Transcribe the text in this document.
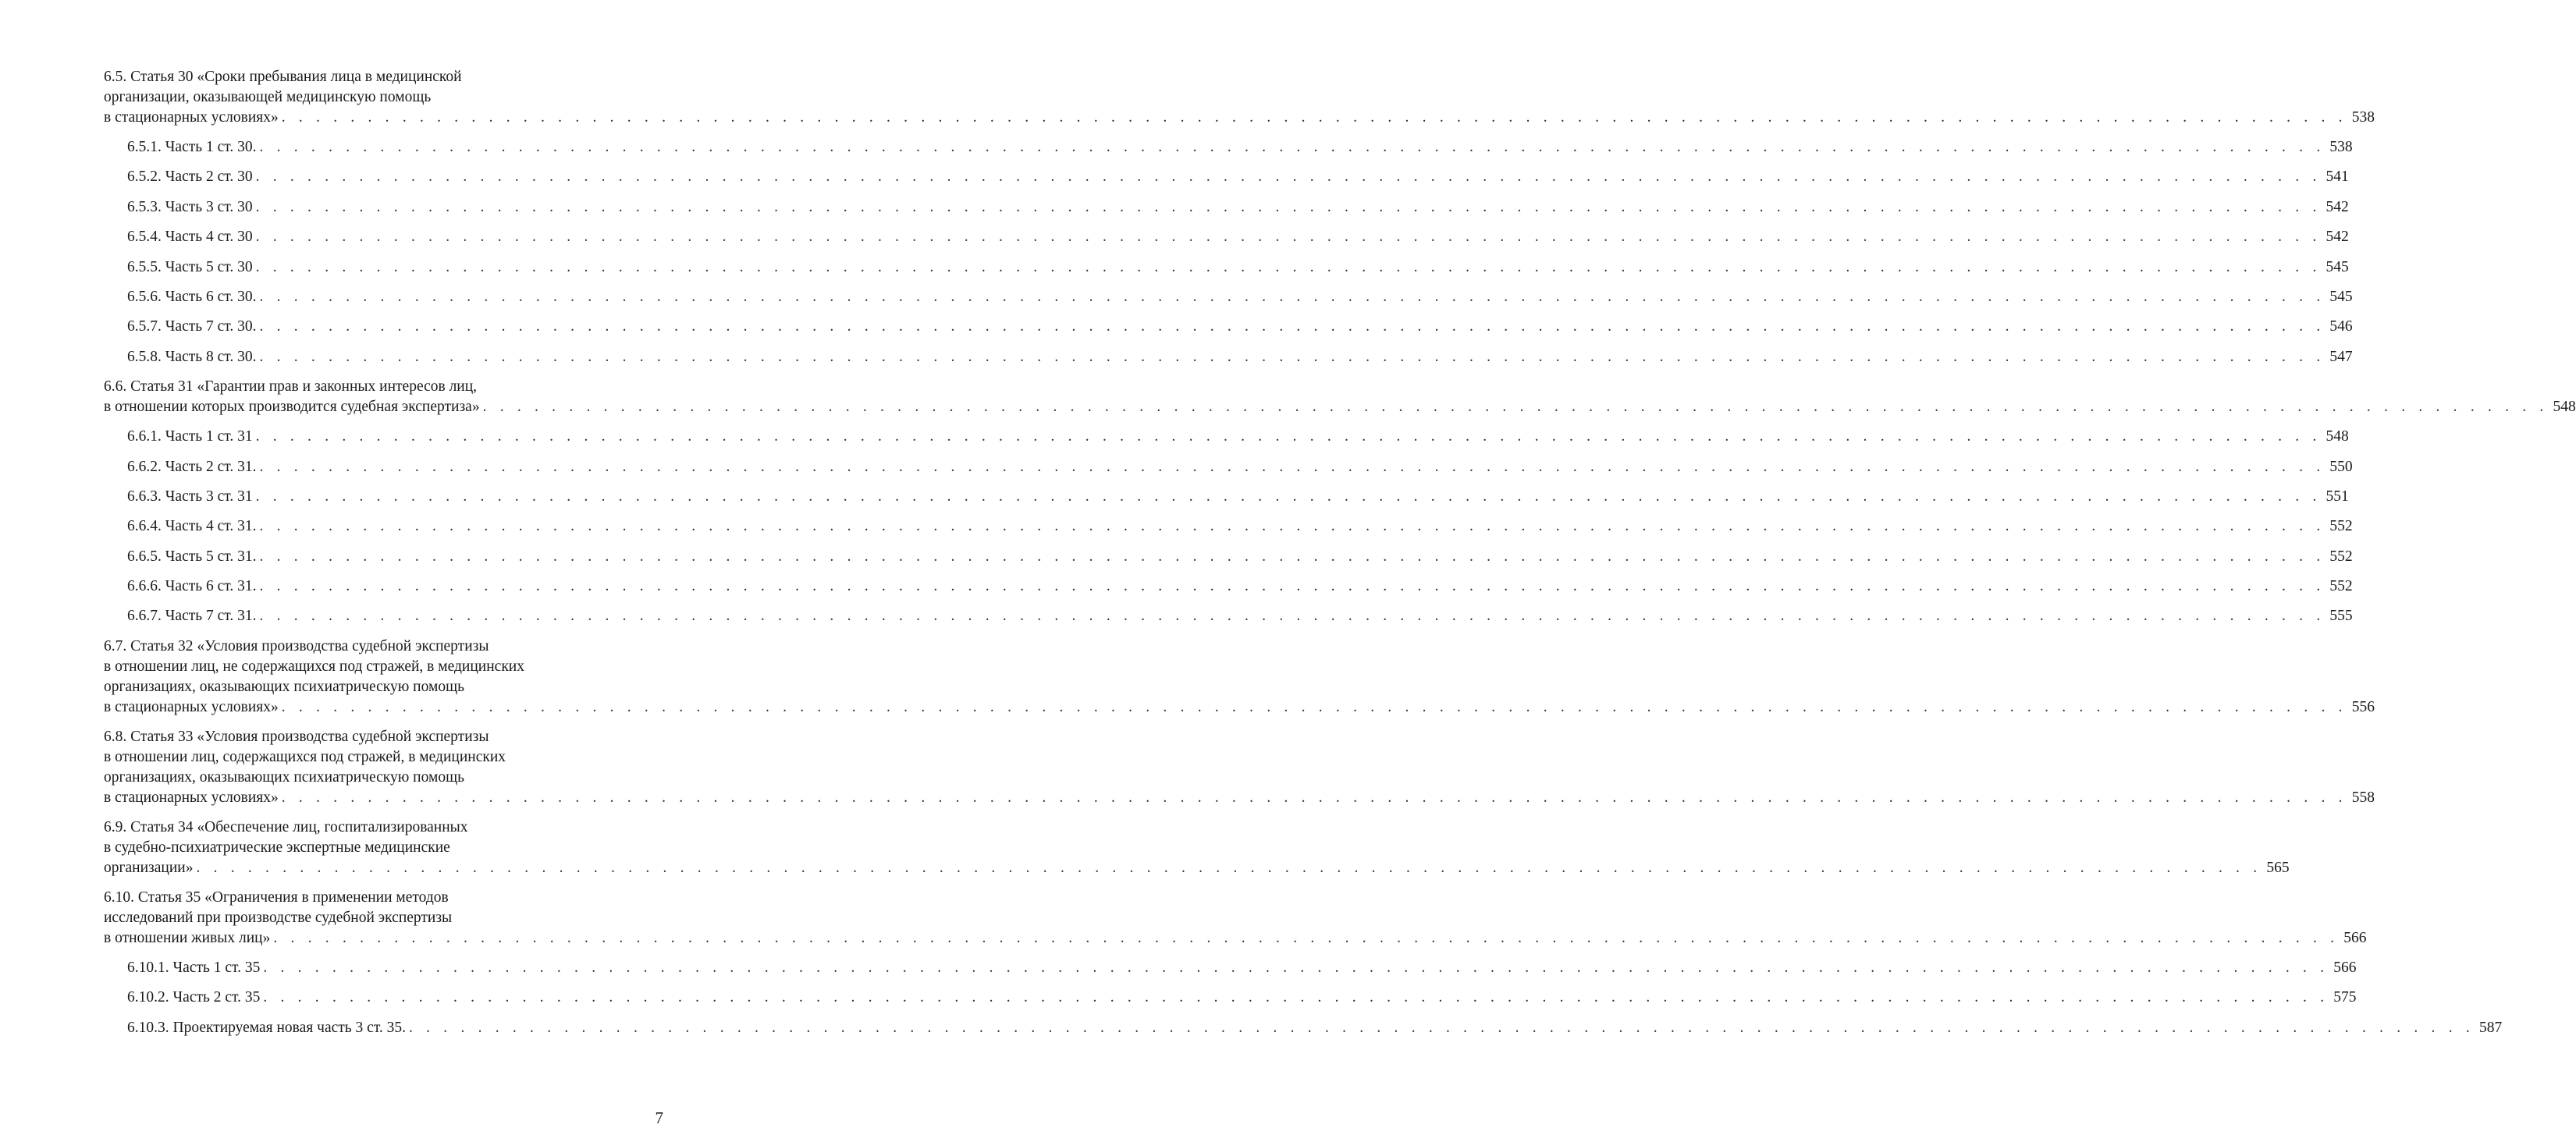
6.5. Статья 30 «Сроки пребывания лица в медицинской
организации, оказывающей медицинскую помощь
в стационарных условиях» . . . . . . . . . . . . . . . . . . . . . . . . . . . . . . . . . . . . . . . . . . . . . . . . . . . . . . . . . . . . . . . . . . . . . . . . . . . . . . . . . . . . . . . . . . . . . . . . . . . . . . . . . . . . . . . . . . . . . . . . 538
6.5.1. Часть 1 ст. 30. . . . . . . . . . . . . . . . . . . . . . . . . . . . . . . . . . . . . . . . . . . . . . . . . . . . . . . . . . . . . . . . . . . . . . . . . . . . . . . . . . . . . . . . . . . . . . . . . . . . . . . . . . . . . . . . . . . . . . . . . 538
6.5.2. Часть 2 ст. 30 . . . . . . . . . . . . . . . . . . . . . . . . . . . . . . . . . . . . . . . . . . . . . . . . . . . . . . . . . . . . . . . . . . . . . . . . . . . . . . . . . . . . . . . . . . . . . . . . . . . . . . . . . . . . . . . . . . . . . . . . 541
6.5.3. Часть 3 ст. 30 . . . . . . . . . . . . . . . . . . . . . . . . . . . . . . . . . . . . . . . . . . . . . . . . . . . . . . . . . . . . . . . . . . . . . . . . . . . . . . . . . . . . . . . . . . . . . . . . . . . . . . . . . . . . . . . . . . . . . . . . 542
6.5.4. Часть 4 ст. 30 . . . . . . . . . . . . . . . . . . . . . . . . . . . . . . . . . . . . . . . . . . . . . . . . . . . . . . . . . . . . . . . . . . . . . . . . . . . . . . . . . . . . . . . . . . . . . . . . . . . . . . . . . . . . . . . . . . . . . . . . 542
6.5.5. Часть 5 ст. 30 . . . . . . . . . . . . . . . . . . . . . . . . . . . . . . . . . . . . . . . . . . . . . . . . . . . . . . . . . . . . . . . . . . . . . . . . . . . . . . . . . . . . . . . . . . . . . . . . . . . . . . . . . . . . . . . . . . . . . . . . 545
6.5.6. Часть 6 ст. 30. . . . . . . . . . . . . . . . . . . . . . . . . . . . . . . . . . . . . . . . . . . . . . . . . . . . . . . . . . . . . . . . . . . . . . . . . . . . . . . . . . . . . . . . . . . . . . . . . . . . . . . . . . . . . . . . . . . . . . . . . 545
6.5.7. Часть 7 ст. 30. . . . . . . . . . . . . . . . . . . . . . . . . . . . . . . . . . . . . . . . . . . . . . . . . . . . . . . . . . . . . . . . . . . . . . . . . . . . . . . . . . . . . . . . . . . . . . . . . . . . . . . . . . . . . . . . . . . . . . . . . 546
6.5.8. Часть 8 ст. 30. . . . . . . . . . . . . . . . . . . . . . . . . . . . . . . . . . . . . . . . . . . . . . . . . . . . . . . . . . . . . . . . . . . . . . . . . . . . . . . . . . . . . . . . . . . . . . . . . . . . . . . . . . . . . . . . . . . . . . . . . 547
6.6. Статья 31 «Гарантии прав и законных интересов лиц,
в отношении которых производится судебная экспертиза» . . . . . . . . . . . . . . . . . . . . . . . . . . . . . . . . . . . . . . . . . . . . . . . . . . . . . . . . . . . . . . . . . . . . . . . . . . . . . . . . . . . . . . . . . . . . . . . . . . . . . . . . . . . . . . . . . . . . . . . . 548
6.6.1. Часть 1 ст. 31 . . . . . . . . . . . . . . . . . . . . . . . . . . . . . . . . . . . . . . . . . . . . . . . . . . . . . . . . . . . . . . . . . . . . . . . . . . . . . . . . . . . . . . . . . . . . . . . . . . . . . . . . . . . . . . . . . . . . . . . . 548
6.6.2. Часть 2 ст. 31. . . . . . . . . . . . . . . . . . . . . . . . . . . . . . . . . . . . . . . . . . . . . . . . . . . . . . . . . . . . . . . . . . . . . . . . . . . . . . . . . . . . . . . . . . . . . . . . . . . . . . . . . . . . . . . . . . . . . . . . . 550
6.6.3. Часть 3 ст. 31 . . . . . . . . . . . . . . . . . . . . . . . . . . . . . . . . . . . . . . . . . . . . . . . . . . . . . . . . . . . . . . . . . . . . . . . . . . . . . . . . . . . . . . . . . . . . . . . . . . . . . . . . . . . . . . . . . . . . . . . . 551
6.6.4. Часть 4 ст. 31. . . . . . . . . . . . . . . . . . . . . . . . . . . . . . . . . . . . . . . . . . . . . . . . . . . . . . . . . . . . . . . . . . . . . . . . . . . . . . . . . . . . . . . . . . . . . . . . . . . . . . . . . . . . . . . . . . . . . . . . . 552
6.6.5. Часть 5 ст. 31. . . . . . . . . . . . . . . . . . . . . . . . . . . . . . . . . . . . . . . . . . . . . . . . . . . . . . . . . . . . . . . . . . . . . . . . . . . . . . . . . . . . . . . . . . . . . . . . . . . . . . . . . . . . . . . . . . . . . . . . . 552
6.6.6. Часть 6 ст. 31. . . . . . . . . . . . . . . . . . . . . . . . . . . . . . . . . . . . . . . . . . . . . . . . . . . . . . . . . . . . . . . . . . . . . . . . . . . . . . . . . . . . . . . . . . . . . . . . . . . . . . . . . . . . . . . . . . . . . . . . . 552
6.6.7. Часть 7 ст. 31. . . . . . . . . . . . . . . . . . . . . . . . . . . . . . . . . . . . . . . . . . . . . . . . . . . . . . . . . . . . . . . . . . . . . . . . . . . . . . . . . . . . . . . . . . . . . . . . . . . . . . . . . . . . . . . . . . . . . . . . . 555
6.7. Статья 32 «Условия производства судебной экспертизы
в отношении лиц, не содержащихся под стражей, в медицинских
организациях, оказывающих психиатрическую помощь
в стационарных условиях» . . . . . . . . . . . . . . . . . . . . . . . . . . . . . . . . . . . . . . . . . . . . . . . . . . . . . . . . . . . . . . . . . . . . . . . . . . . . . . . . . . . . . . . . . . . . . . . . . . . . . . . . . . . . . . . . . . . . . . . . 556
6.8. Статья 33 «Условия производства судебной экспертизы
в отношении лиц, содержащихся под стражей, в медицинских
организациях, оказывающих психиатрическую помощь
в стационарных условиях» . . . . . . . . . . . . . . . . . . . . . . . . . . . . . . . . . . . . . . . . . . . . . . . . . . . . . . . . . . . . . . . . . . . . . . . . . . . . . . . . . . . . . . . . . . . . . . . . . . . . . . . . . . . . . . . . . . . . . . . . 558
6.9. Статья 34 «Обеспечение лиц, госпитализированных
в судебно-психиатрические экспертные медицинские
организации» . . . . . . . . . . . . . . . . . . . . . . . . . . . . . . . . . . . . . . . . . . . . . . . . . . . . . . . . . . . . . . . . . . . . . . . . . . . . . . . . . . . . . . . . . . . . . . . . . . . . . . . . . . . . . . . . . . . . . . . . 565
6.10. Статья 35 «Ограничения в применении методов
исследований при производстве судебной экспертизы
в отношении живых лиц» . . . . . . . . . . . . . . . . . . . . . . . . . . . . . . . . . . . . . . . . . . . . . . . . . . . . . . . . . . . . . . . . . . . . . . . . . . . . . . . . . . . . . . . . . . . . . . . . . . . . . . . . . . . . . . . . . . . . . . . . 566
6.10.1. Часть 1 ст. 35 . . . . . . . . . . . . . . . . . . . . . . . . . . . . . . . . . . . . . . . . . . . . . . . . . . . . . . . . . . . . . . . . . . . . . . . . . . . . . . . . . . . . . . . . . . . . . . . . . . . . . . . . . . . . . . . . . . . . . . . . 566
6.10.2. Часть 2 ст. 35 . . . . . . . . . . . . . . . . . . . . . . . . . . . . . . . . . . . . . . . . . . . . . . . . . . . . . . . . . . . . . . . . . . . . . . . . . . . . . . . . . . . . . . . . . . . . . . . . . . . . . . . . . . . . . . . . . . . . . . . . 575
6.10.3. Проектируемая новая часть 3 ст. 35. . . . . . . . . . . . . . . . . . . . . . . . . . . . . . . . . . . . . . . . . . . . . . . . . . . . . . . . . . . . . . . . . . . . . . . . . . . . . . . . . . . . . . . . . . . . . . . . . . . . . . . . . . . . . . . . . . . . . . . . . 587
7
